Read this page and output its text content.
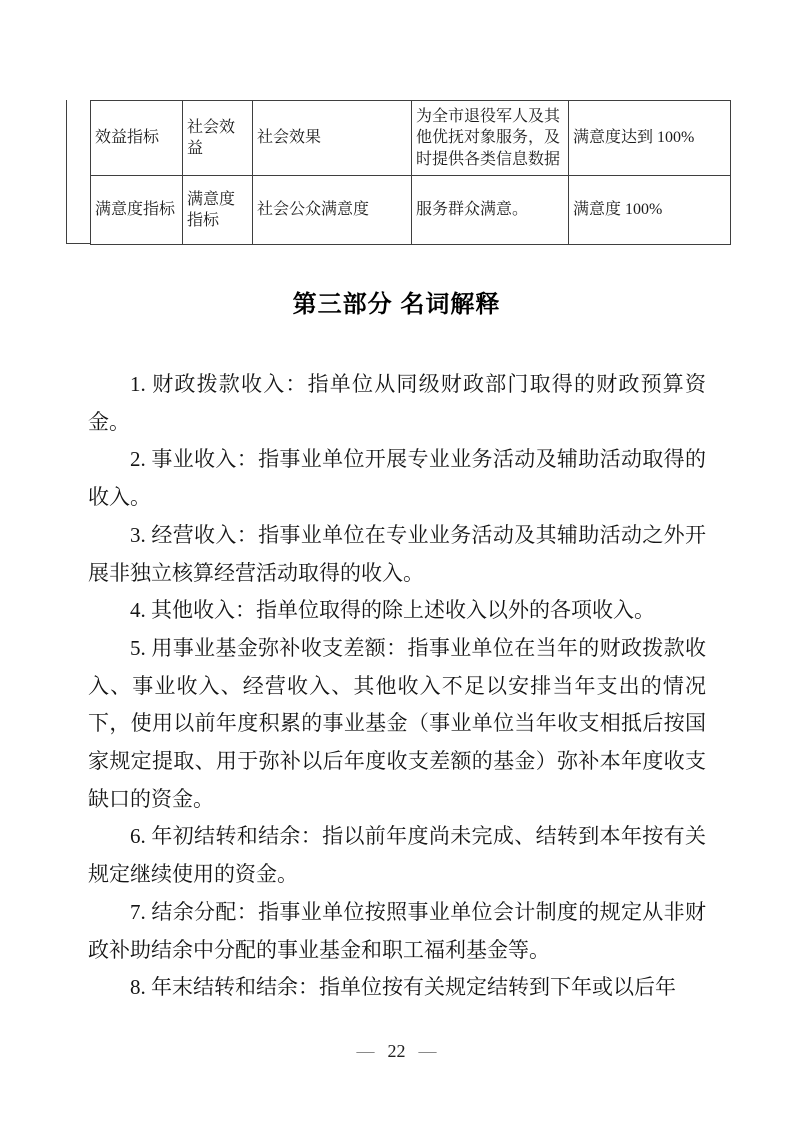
效益指标	社会效益	社会效果	为全市退役军人及其他优抚对象服务，及时提供各类信息数据	满意度达到 100%
满意度指标	满意度指标	社会公众满意度	服务群众满意。	满意度 100%
第三部分 名词解释

1. 财政拨款收入：指单位从同级财政部门取得的财政预算资金。

2. 事业收入：指事业单位开展专业业务活动及辅助活动取得的收入。

3. 经营收入：指事业单位在专业业务活动及其辅助活动之外开展非独立核算经营活动取得的收入。

4. 其他收入：指单位取得的除上述收入以外的各项收入。

5. 用事业基金弥补收支差额：指事业单位在当年的财政拨款收入、事业收入、经营收入、其他收入不足以安排当年支出的情况下，使用以前年度积累的事业基金（事业单位当年收支相抵后按国家规定提取、用于弥补以后年度收支差额的基金）弥补本年度收支缺口的资金。

6. 年初结转和结余：指以前年度尚未完成、结转到本年按有关规定继续使用的资金。

7. 结余分配：指事业单位按照事业单位会计制度的规定从非财政补助结余中分配的事业基金和职工福利基金等。

8. 年末结转和结余：指单位按有关规定结转到下年或以后年

— 22 —
